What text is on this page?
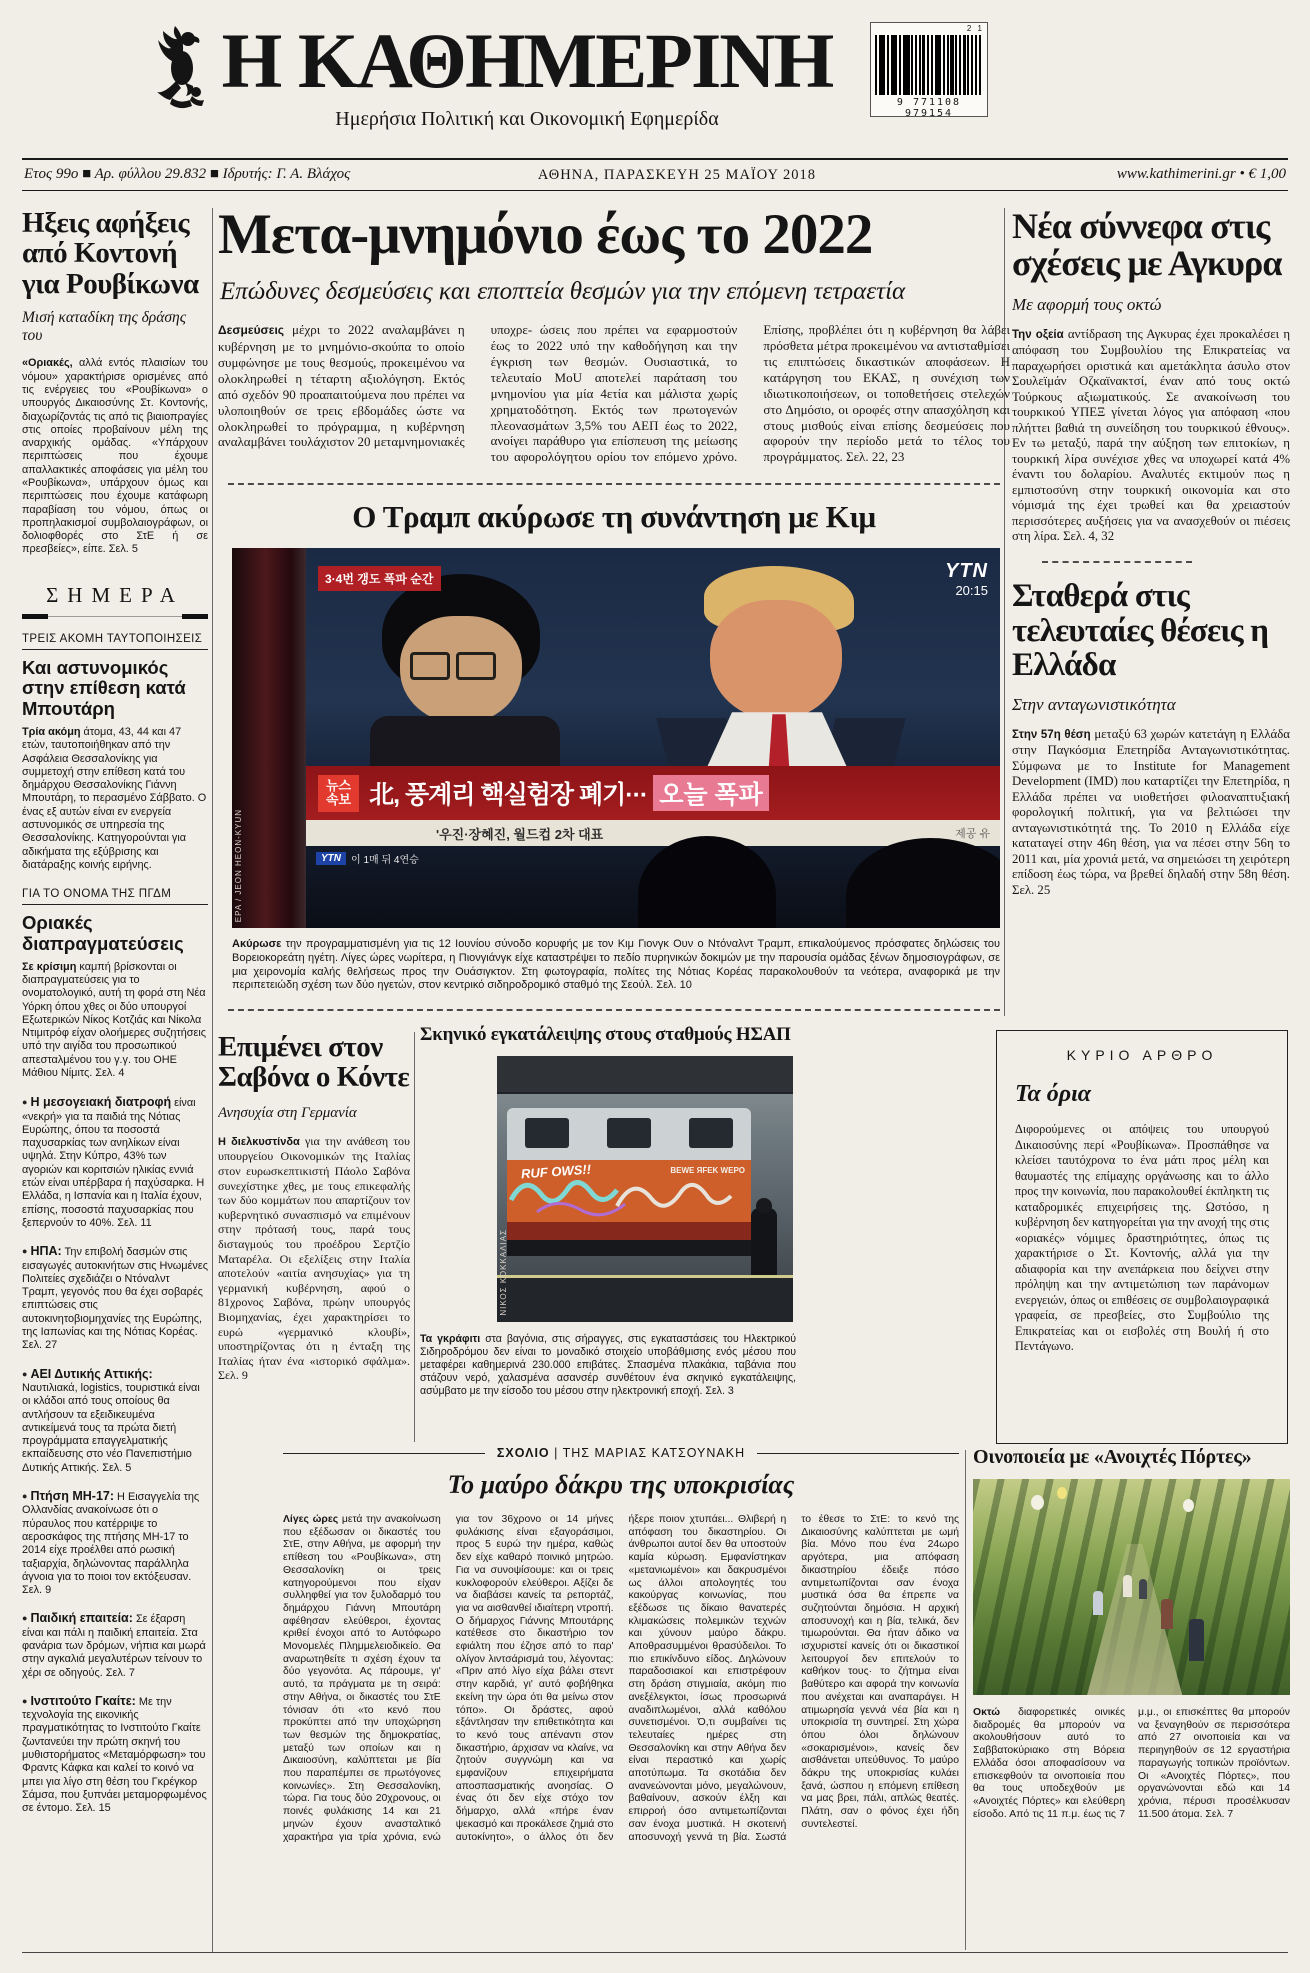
Η ΚΑΘΗΜΕΡΙΝΗ
Ημερήσια Πολιτική και Οικονομική Εφημερίδα
2 1
9 771108 979154
Ετος 99ο ■ Αρ. φύλλου 29.832 ■ Ιδρυτής: Γ. Α. Βλάχος	ΑΘΗΝΑ, ΠΑΡΑΣΚΕΥΗ 25 ΜΑΪΟΥ 2018	www.kathimerini.gr • € 1,00
Ηξεις αφήξεις από Κοντονή για Ρουβίκωνα
Μισή καταδίκη της δράσης του

«Οριακές, αλλά εντός πλαισίων του νόμου» χαρακτήρισε ορισμένες από τις ενέργειες του «Ρουβίκωνα» ο υπουργός Δικαιοσύνης Στ. Κοντονής, διαχωρίζοντάς τις από τις βιαιοπραγίες στις οποίες προβαίνουν μέλη της αναρχικής ομάδας. «Υπάρχουν περιπτώσεις που έχουμε απαλλακτικές αποφάσεις για μέλη του «Ρουβίκωνα», υπάρχουν όμως και περιπτώσεις που έχουμε κατάφωρη παραβίαση του νόμου, όπως οι προπηλακισμοί συμβολαιογράφων, οι δολιοφθορές στο ΣτΕ ή σε πρεσβείες», είπε. Σελ. 5

ΣΗΜΕΡΑ
ΤΡΕΙΣ ΑΚΟΜΗ ΤΑΥΤΟΠΟΙΗΣΕΙΣ
Και αστυνομικός στην επίθεση κατά Μπουτάρη

Τρία ακόμη άτομα, 43, 44 και 47 ετών, ταυτοποιήθηκαν από την Ασφάλεια Θεσσαλονίκης για συμμετοχή στην επίθεση κατά του δημάρχου Θεσσαλονίκης Γιάννη Μπουτάρη, το περασμένο Σάββατο. Ο ένας εξ αυτών είναι εν ενεργεία αστυνομικός σε υπηρεσία της Θεσσαλονίκης. Κατηγορούνται για αδικήματα της εξύβρισης και διατάραξης κοινής ειρήνης.

ΓΙΑ ΤΟ ΟΝΟΜΑ ΤΗΣ ΠΓΔΜ
Οριακές διαπραγματεύσεις

Σε κρίσιμη καμπή βρίσκονται οι διαπραγματεύσεις για το ονοματολογικό, αυτή τη φορά στη Νέα Υόρκη όπου χθες οι δύο υπουργοί Εξωτερικών Νίκος Κοτζιάς και Νίκολα Ντιμιτρόφ είχαν ολοήμερες συζητήσεις υπό την αιγίδα του προσωπικού απεσταλμένου του γ.γ. του ΟΗΕ Μάθιου Νίμιτς. Σελ. 4

● Η μεσογειακή διατροφή είναι «νεκρή» για τα παιδιά της Νότιας Ευρώπης, όπου τα ποσοστά παχυσαρκίας των ανηλίκων είναι υψηλά. Στην Κύπρο, 43% των αγοριών και κοριτσιών ηλικίας εννιά ετών είναι υπέρβαρα ή παχύσαρκα. Η Ελλάδα, η Ισπανία και η Ιταλία έχουν, επίσης, ποσοστά παχυσαρκίας που ξεπερνούν το 40%. Σελ. 11

● ΗΠΑ: Την επιβολή δασμών στις εισαγωγές αυτοκινήτων στις Ηνωμένες Πολιτείες σχεδιάζει ο Ντόναλντ Τραμπ, γεγονός που θα έχει σοβαρές επιπτώσεις στις αυτοκινητοβιομηχανίες της Ευρώπης, της Ιαπωνίας και της Νότιας Κορέας. Σελ. 27

● ΑΕΙ Δυτικής Αττικής: Ναυτιλιακά, logistics, τουριστικά είναι οι κλάδοι από τους οποίους θα αντλήσουν τα εξειδικευμένα αντικείμενά τους τα πρώτα διετή προγράμματα επαγγελματικής εκπαίδευσης στο νέο Πανεπιστήμιο Δυτικής Αττικής. Σελ. 5

● Πτήση ΜΗ-17: Η Εισαγγελία της Ολλανδίας ανακοίνωσε ότι ο πύραυλος που κατέρριψε το αεροσκάφος της πτήσης ΜΗ-17 το 2014 είχε προέλθει από ρωσική ταξιαρχία, δηλώνοντας παράλληλα άγνοια για το ποιοι τον εκτόξευσαν. Σελ. 9

● Παιδική επαιτεία: Σε έξαρση είναι και πάλι η παιδική επαιτεία. Στα φανάρια των δρόμων, νήπια και μωρά στην αγκαλιά μεγαλυτέρων τείνουν το χέρι σε οδηγούς. Σελ. 7

● Ινστιτούτο Γκαίτε: Με την τεχνολογία της εικονικής πραγματικότητας το Ινστιτούτο Γκαίτε ζωντανεύει την πρώτη σκηνή του μυθιστορήματος «Μεταμόρφωση» του Φραντς Κάφκα και καλεί το κοινό να μπει για λίγο στη θέση του Γκρέγκορ Σάμσα, που ξυπνάει μεταμορφωμένος σε έντομο. Σελ. 15

Μετα-μνημόνιο έως το 2022
Επώδυνες δεσμεύσεις και εποπτεία θεσμών για την επόμενη τετραετία
Δεσμεύσεις μέχρι το 2022 αναλαμβάνει η κυβέρνηση με το μνημόνιο-σκούπα το οποίο συμφώνησε με τους θεσμούς, προκειμένου να ολοκληρωθεί η τέταρτη αξιολόγηση. Εκτός από σχεδόν 90 προαπαιτούμενα που πρέπει να υλοποιηθούν σε τρεις εβδομάδες ώστε να ολοκληρωθεί το πρόγραμμα, η κυβέρνηση αναλαμβάνει τουλάχιστον 20 μεταμνημονιακές υποχρε- ώσεις που πρέπει να εφαρμοστούν έως το 2022 υπό την καθοδήγηση και την έγκριση των θεσμών. Ουσιαστικά, το τελευταίο MoU αποτελεί παράταση του μνημονίου για μία 4ετία και μάλιστα χωρίς χρηματοδότηση. Εκτός των πρωτογενών πλεονασμάτων 3,5% του ΑΕΠ έως το 2022, ανοίγει παράθυρο για επίσπευση της μείωσης του αφορολόγητου ορίου τον επόμενο χρόνο. Επίσης, προβλέπει ότι η κυβέρνηση θα λάβει πρόσθετα μέτρα προκειμένου να αντισταθμίσει τις επιπτώσεις δικαστικών αποφάσεων. Η κατάργηση του ΕΚΑΣ, η συνέχιση των ιδιωτικοποιήσεων, οι τοποθετήσεις στελεχών στο Δημόσιο, οι οροφές στην απασχόληση και στους μισθούς είναι επίσης δεσμεύσεις που αφορούν την περίοδο μετά το τέλος του προγράμματος. Σελ. 22, 23
Ο Τραμπ ακύρωσε τη συνάντηση με Κιμ
3·4번 갱도 폭파 순간	YTN
20:15
뉴스
속보 北, 풍계리 핵실험장 폐기··· 오늘 폭파
'우진·장혜진, 월드컵 2차 대표	제공 유
YTN	이 1매 뒤 4연승
EPA / JEON HEON-KYUN

Ακύρωσε την προγραμματισμένη για τις 12 Ιουνίου σύνοδο κορυφής με τον Κιμ Γιονγκ Ουν ο Ντόναλντ Τραμπ, επικαλούμενος πρόσφατες δηλώσεις του Βορειοκορεάτη ηγέτη. Λίγες ώρες νωρίτερα, η Πιονγιάνγκ είχε καταστρέψει το πεδίο πυρηνικών δοκιμών με την παρουσία ομάδας ξένων δημοσιογράφων, σε μια χειρονομία καλής θελήσεως προς την Ουάσιγκτον. Στη φωτογραφία, πολίτες της Νότιας Κορέας παρακολουθούν τα νεότερα, αναφορικά με την περιπετειώδη σχέση των δύο ηγετών, στον κεντρικό σιδηροδρομικό σταθμό της Σεούλ. Σελ. 10

Επιμένει στον Σαβόνα ο Κόντε
Ανησυχία στη Γερμανία

Η διελκυστίνδα για την ανάθεση του υπουργείου Οικονομικών της Ιταλίας στον ευρωσκεπτικιστή Πάολο Σαβόνα συνεχίστηκε χθες, με τους επικεφαλής των δύο κομμάτων που απαρτίζουν τον κυβερνητικό συνασπισμό να επιμένουν στην πρότασή τους, παρά τους δισταγμούς του προέδρου Σερτζίο Ματαρέλα. Οι εξελίξεις στην Ιταλία αποτελούν «αιτία ανησυχίας» για τη γερμανική κυβέρνηση, αφού ο 81χρονος Σαβόνα, πρώην υπουργός Βιομηχανίας, έχει χαρακτηρίσει το ευρώ «γερμανικό κλουβί», υποστηρίζοντας ότι η ένταξη της Ιταλίας ήταν ένα «ιστορικό σφάλμα». Σελ. 9

Σκηνικό εγκατάλειψης στους σταθμούς ΗΣΑΠ
RUF OWS!!	BEWE ЯFEK WEPO
ΝΙΚΟΣ ΚΟΚΚΑΛΙΑΣ

Τα γκράφιτι στα βαγόνια, στις σήραγγες, στις εγκαταστάσεις του Ηλεκτρικού Σιδηροδρόμου δεν είναι το μοναδικό στοιχείο υποβάθμισης ενός μέσου που μεταφέρει καθημερινά 230.000 επιβάτες. Σπασμένα πλακάκια, ταβάνια που στάζουν νερό, χαλασμένα ασανσέρ συνθέτουν ένα σκηνικό εγκατάλειψης, ασύμβατο με την είσοδο του μέσου στην ηλεκτρονική εποχή. Σελ. 3

ΚΥΡΙΟ ΑΡΘΡΟ
Τα όρια

Διφορούμενες οι απόψεις του υπουργού Δικαιοσύνης περί «Ρουβίκωνα». Προσπάθησε να κλείσει ταυτόχρονα το ένα μάτι προς μέλη και θαυμαστές της επίμαχης οργάνωσης και το άλλο προς την κοινωνία, που παρακολουθεί έκπληκτη τις καταδρομικές επιχειρήσεις της. Ωστόσο, η κυβέρνηση δεν κατηγορείται για την ανοχή της στις «οριακές» νόμιμες δραστηριότητες, όπως τις χαρακτήρισε ο Στ. Κοντονής, αλλά για την αδιαφορία και την ανεπάρκεια που δείχνει στην πρόληψη και την αντιμετώπιση των παράνομων ενεργειών, όπως οι επιθέσεις σε συμβολαιογραφικά γραφεία, σε πρεσβείες, στο Συμβούλιο της Επικρατείας και οι εισβολές στη Βουλή ή στο Πεντάγωνο.

ΣΧΟΛΙΟ | ΤΗΣ ΜΑΡΙΑΣ ΚΑΤΣΟΥΝΑΚΗ
Το μαύρο δάκρυ της υποκρισίας
Λίγες ώρες μετά την ανακοίνωση που εξέδωσαν οι δικαστές του ΣτΕ, στην Αθήνα, με αφορμή την επίθεση του «Ρουβίκωνα», στη Θεσσαλονίκη οι τρεις κατηγορούμενοι που είχαν συλληφθεί για τον ξυλοδαρμό του δημάρχου Γιάννη Μπουτάρη αφέθησαν ελεύθεροι, έχοντας κριθεί ένοχοι από το Αυτόφωρο Μονομελές Πλημμελειοδικείο. Θα αναρωτηθείτε τι σχέση έχουν τα δύο γεγονότα. Ας πάρουμε, γι' αυτό, τα πράγματα με τη σειρά: στην Αθήνα, οι δικαστές του ΣτΕ τόνισαν ότι «το κενό που προκύπτει από την υποχώρηση των θεσμών της δημοκρατίας, μεταξύ των οποίων και η Δικαιοσύνη, καλύπτεται με βία που παραπέμπει σε πρωτόγονες κοινωνίες». Στη Θεσσαλονίκη, τώρα. Για τους δύο 20χρονους, οι ποινές φυλάκισης 14 και 21 μηνών έχουν ανασταλτικό χαρακτήρα για τρία χρόνια, ενώ για τον 36χρονο οι 14 μήνες φυλάκισης είναι εξαγοράσιμοι, προς 5 ευρώ την ημέρα, καθώς δεν είχε καθαρό ποινικό μητρώο. Για να συνοψίσουμε: και οι τρεις κυκλοφορούν ελεύθεροι. Αξίζει δε να διαβάσει κανείς τα ρεπορτάζ, για να αισθανθεί ιδιαίτερη ντροπή. Ο δήμαρχος Γιάννης Μπουτάρης κατέθεσε στο δικαστήριο τον εφιάλτη που έζησε από το παρ' ολίγον λιντσάρισμά του, λέγοντας: «Πριν από λίγο είχα βάλει στεντ στην καρδιά, γι' αυτό φοβήθηκα εκείνη την ώρα ότι θα μείνω στον τόπο». Οι δράστες, αφού εξάντλησαν την επιθετικότητα και το κενό τους απέναντι στον δικαστήριο, άρχισαν να κλαίνε, να ζητούν συγγνώμη και να εμφανίζουν επιχειρήματα αποσπασματικής ανοησίας. Ο ένας ότι δεν είχε στόχο τον δήμαρχο, αλλά «πήρε έναν ψεκασμό και προκάλεσε ζημιά στο αυτοκίνητο», ο άλλος ότι δεν ήξερε ποιον χτυπάει... Θλιβερή η απόφαση του δικαστηρίου. Οι άνθρωποι αυτοί δεν θα υποστούν καμία κύρωση. Εμφανίστηκαν «μετανιωμένοι» και δακρυσμένοι ως άλλοι απολογητές του κακούργας κοινωνίας, που εξέδωσε τις δίκαιο θανατερές κλιμακώσεις πολεμικών τεχνών και χύνουν μαύρο δάκρυ. Αποθρασυμμένοι θρασύδειλοι. Το πιο επικίνδυνο είδος. Δηλώνουν παραδοσιακοί και επιστρέφουν στη δράση στιγμιαία, ακόμη πιο ανεξέλεγκτοι, ίσως προσωρινά αναδιπλωμένοι, αλλά καθόλου συνετισμένοι. Ό,τι συμβαίνει τις τελευταίες ημέρες στη Θεσσαλονίκη και στην Αθήνα δεν είναι περαστικό και χωρίς αποτύπωμα. Τα σκοτάδια δεν ανανεώνονται μόνο, μεγαλώνουν, βαθαίνουν, ασκούν έλξη και επιρροή όσο αντιμετωπίζονται σαν ένοχα μυστικά. Η σκοτεινή αποσυνοχή γεννά τη βία. Σωστά το έθεσε το ΣτΕ: το κενό της Δικαιοσύνης καλύπτεται με ωμή βία. Μόνο που ένα 24ωρο αργότερα, μια απόφαση δικαστηρίου έδειξε πόσο αντιμετωπίζονται σαν ένοχα μυστικά όσα θα έπρεπε να συζητούνται δημόσια. Η αρχική αποσυνοχή και η βία, τελικά, δεν τιμωρούνται. Θα ήταν άδικο να ισχυριστεί κανείς ότι οι δικαστικοί λειτουργοί δεν επιτελούν το καθήκον τους· το ζήτημα είναι βαθύτερο και αφορά την κοινωνία που ανέχεται και αναπαράγει. Η ατιμωρησία γεννά νέα βία και η υποκρισία τη συντηρεί. Στη χώρα όπου όλοι δηλώνουν «σοκαρισμένοι», κανείς δεν αισθάνεται υπεύθυνος. Το μαύρο δάκρυ της υποκρισίας κυλάει ξανά, ώσπου η επόμενη επίθεση να μας βρει, πάλι, απλώς θεατές. Πλάτη, σαν ο φόνος έχει ήδη συντελεστεί.
Οινοποιεία με «Ανοιχτές Πόρτες»

Οκτώ διαφορετικές οινικές διαδρομές θα μπορούν να ακολουθήσουν αυτό το Σαββατοκύριακο στη Βόρεια Ελλάδα όσοι αποφασίσουν να επισκεφθούν τα οινοποιεία που θα τους υποδεχθούν με «Ανοιχτές Πόρτες» και ελεύθερη είσοδο. Από τις 11 π.μ. έως τις 7 μ.μ., οι επισκέπτες θα μπορούν να ξεναγηθούν σε περισσότερα από 27 οινοποιεία και να περιηγηθούν σε 12 εργαστήρια παραγωγής τοπικών προϊόντων. Οι «Ανοιχτές Πόρτες», που οργανώνονται εδώ και 14 χρόνια, πέρυσι προσέλκυσαν 11.500 άτομα. Σελ. 7

Νέα σύννεφα στις σχέσεις με Αγκυρα
Με αφορμή τους οκτώ

Την οξεία αντίδραση της Αγκυρας έχει προκαλέσει η απόφαση του Συμβουλίου της Επικρατείας να παραχωρήσει οριστικά και αμετάκλητα άσυλο στον Σουλεϊμάν Οζκαϊνακτσί, έναν από τους οκτώ Τούρκους αξιωματικούς. Σε ανακοίνωση του τουρκικού ΥΠΕΞ γίνεται λόγος για απόφαση «που πλήττει βαθιά τη συνείδηση του τουρκικού έθνους». Εν τω μεταξύ, παρά την αύξηση των επιτοκίων, η τουρκική λίρα συνέχισε χθες να υποχωρεί κατά 4% έναντι του δολαρίου. Αναλυτές εκτιμούν πως η εμπιστοσύνη στην τουρκική οικονομία και στο νόμισμά της έχει τρωθεί και θα χρειαστούν περισσότερες αυξήσεις για να ανασχεθούν οι πιέσεις στη λίρα. Σελ. 4, 32

Σταθερά στις τελευταίες θέσεις η Ελλάδα
Στην ανταγωνιστικότητα

Στην 57η θέση μεταξύ 63 χωρών κατετάγη η Ελλάδα στην Παγκόσμια Επετηρίδα Ανταγωνιστικότητας. Σύμφωνα με το Institute for Management Development (IMD) που καταρτίζει την Επετηρίδα, η Ελλάδα πρέπει να υιοθετήσει φιλοαναπτυξιακή φορολογική πολιτική, για να βελτιώσει την ανταγωνιστικότητά της. Το 2010 η Ελλάδα είχε καταταγεί στην 46η θέση, για να πέσει στην 56η το 2011 και, μία χρονιά μετά, να σημειώσει τη χειρότερη επίδοση έως τώρα, να βρεθεί δηλαδή στην 58η θέση. Σελ. 25
